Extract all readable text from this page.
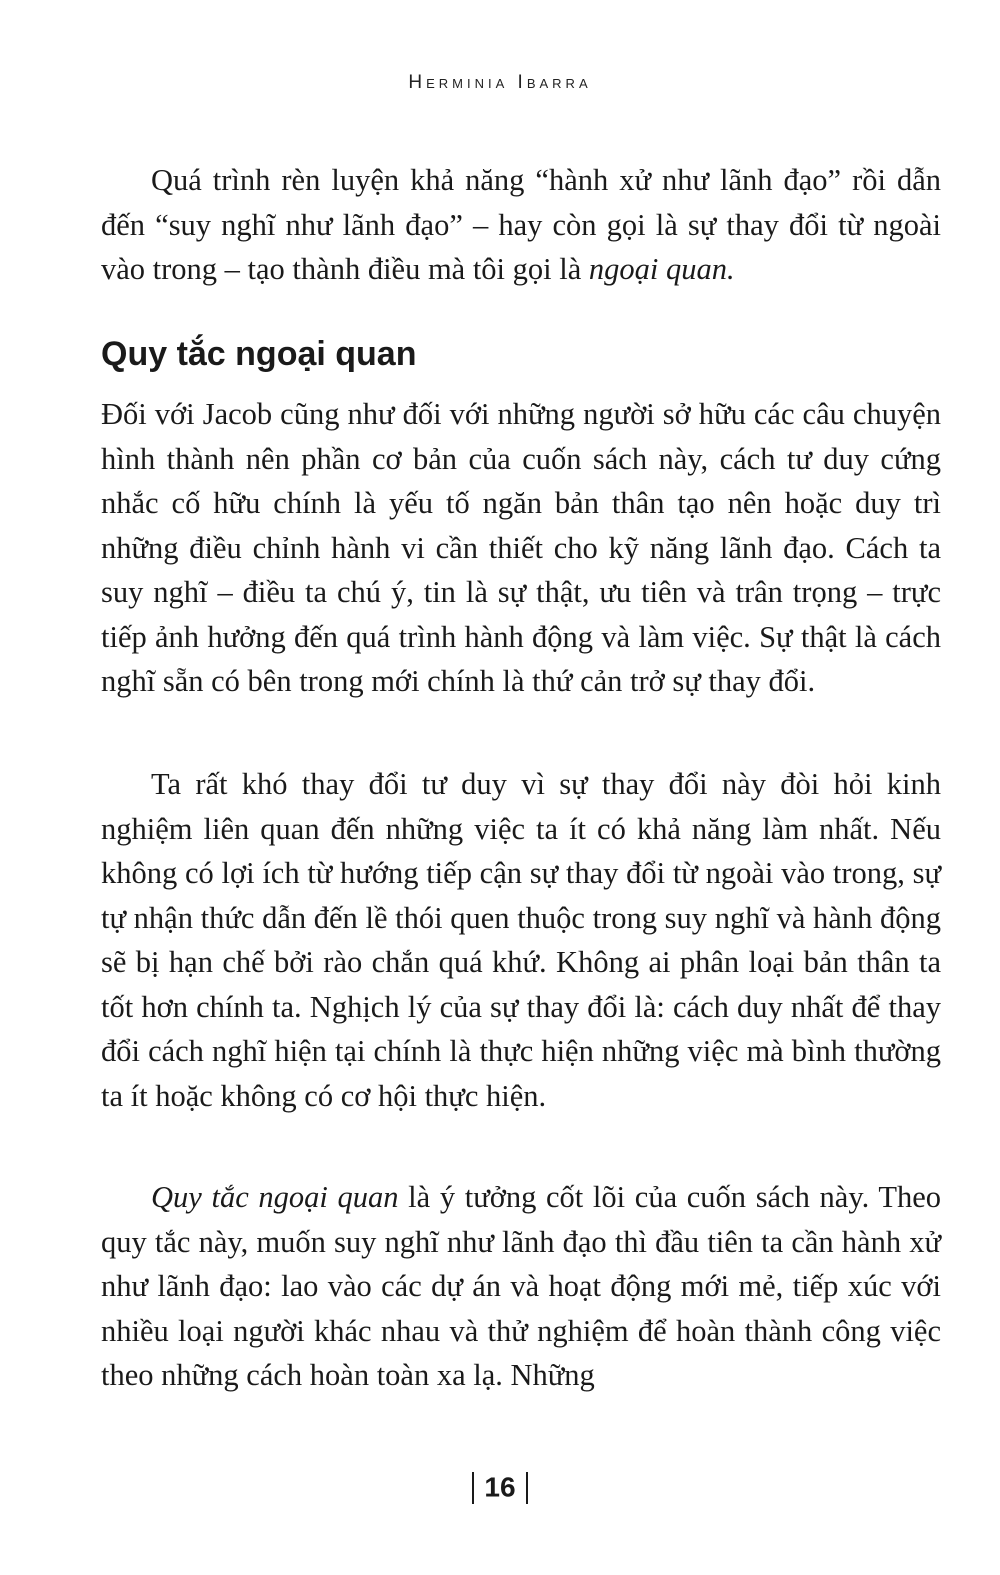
Herminia Ibarra

Quá trình rèn luyện khả năng “hành xử như lãnh đạo” rồi dẫn đến “suy nghĩ như lãnh đạo” – hay còn gọi là sự thay đổi từ ngoài vào trong – tạo thành điều mà tôi gọi là ngoại quan.

Quy tắc ngoại quan

Đối với Jacob cũng như đối với những người sở hữu các câu chuyện hình thành nên phần cơ bản của cuốn sách này, cách tư duy cứng nhắc cố hữu chính là yếu tố ngăn bản thân tạo nên hoặc duy trì những điều chỉnh hành vi cần thiết cho kỹ năng lãnh đạo. Cách ta suy nghĩ – điều ta chú ý, tin là sự thật, ưu tiên và trân trọng – trực tiếp ảnh hưởng đến quá trình hành động và làm việc. Sự thật là cách nghĩ sẵn có bên trong mới chính là thứ cản trở sự thay đổi.

Ta rất khó thay đổi tư duy vì sự thay đổi này đòi hỏi kinh nghiệm liên quan đến những việc ta ít có khả năng làm nhất. Nếu không có lợi ích từ hướng tiếp cận sự thay đổi từ ngoài vào trong, sự tự nhận thức dẫn đến lề thói quen thuộc trong suy nghĩ và hành động sẽ bị hạn chế bởi rào chắn quá khứ. Không ai phân loại bản thân ta tốt hơn chính ta. Nghịch lý của sự thay đổi là: cách duy nhất để thay đổi cách nghĩ hiện tại chính là thực hiện những việc mà bình thường ta ít hoặc không có cơ hội thực hiện.

Quy tắc ngoại quan là ý tưởng cốt lõi của cuốn sách này. Theo quy tắc này, muốn suy nghĩ như lãnh đạo thì đầu tiên ta cần hành xử như lãnh đạo: lao vào các dự án và hoạt động mới mẻ, tiếp xúc với nhiều loại người khác nhau và thử nghiệm để hoàn thành công việc theo những cách hoàn toàn xa lạ. Những

16
